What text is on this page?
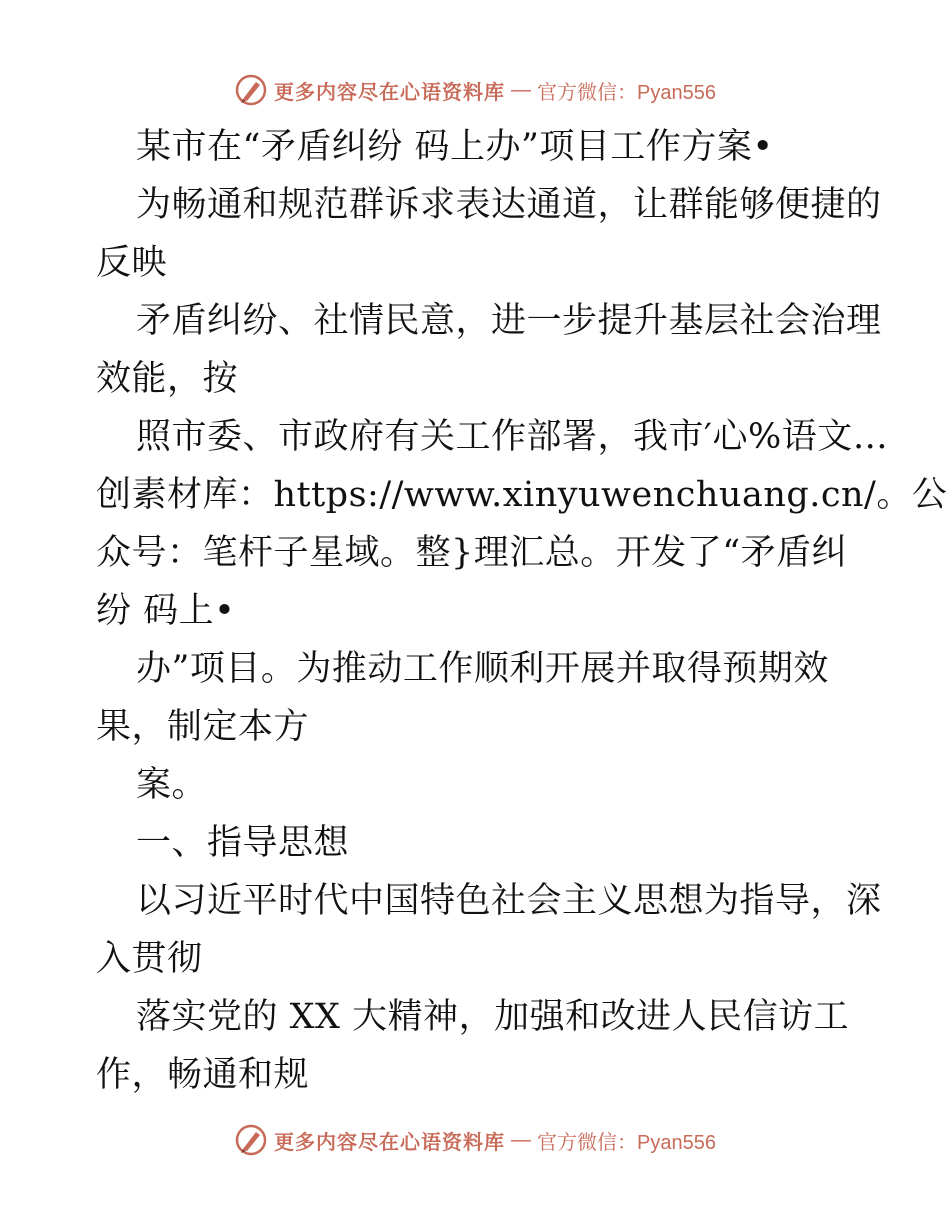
更多内容尽在心语资料库 — 官方微信：Pyan556
某市在“矛盾纠纷 码上办”项目工作方案•
为畅通和规范群诉求表达通道，让群能够便捷的
反映
矛盾纠纷、社情民意，进一步提升基层社会治理
效能，按
照市委、市政府有关工作部署，我市′心%语文…
创素材库：https://www.xinyuwenchuang.cn/。公
众号：笔杆子星域。整}理汇总。开发了“矛盾纠
纷 码上•
办”项目。为推动工作顺利开展并取得预期效
果，制定本方
案。
一、指导思想
以习近平时代中国特色社会主义思想为指导，深
入贯彻
落实党的 XX 大精神，加强和改进人民信访工
作，畅通和规
更多内容尽在心语资料库 — 官方微信：Pyan556
